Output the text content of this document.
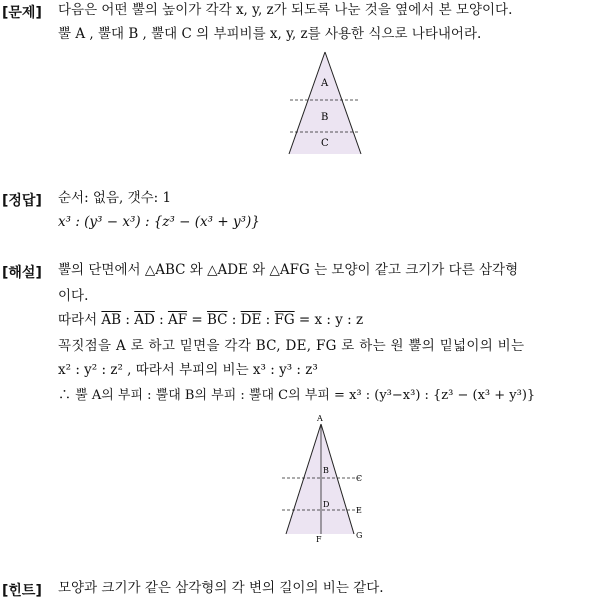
[문제] 다음은 어떤 뿔의 높이가 각각 x, y, z가 되도록 나눈 것을 옆에서 본 모양이다.
뿔 A , 뿔대 B , 뿔대 C 의 부피비를 x, y, z를 사용한 식으로 나타내어라.
A
B
C
[정답] 순서: 없음, 갯수: 1
x³ : (y³ − x³) : {z³ − (x³ + y³)}
[해설] 뿔의 단면에서 △ABC 와 △ADE 와 △AFG 는 모양이 같고 크기가 다른 삼각형
이다.
따라서 $\overline{AB}$ : $\overline{AD}$ : $\overline{AF} = \overline{BC}$ : $\overline{DE}$ : $\overline{FG} = x$ : y : z
꼭짓점을 A 로 하고 밑면을 각각 BC, DE, FG 로 하는 원 뿔의 밑넓이의 비는
x² : y² : z² , 따라서 부피의 비는 x³ : y³ : z³
∴ 뿔 A의 부피 : 뿔대 B의 부피 : 뿔대 C의 부피 = x³ : (y³−x³) : {z³ − (x³ + y³)}
A
B
C
D
E
F	G
[힌트] 모양과 크기가 같은 삼각형의 각 변의 길이의 비는 같다.
